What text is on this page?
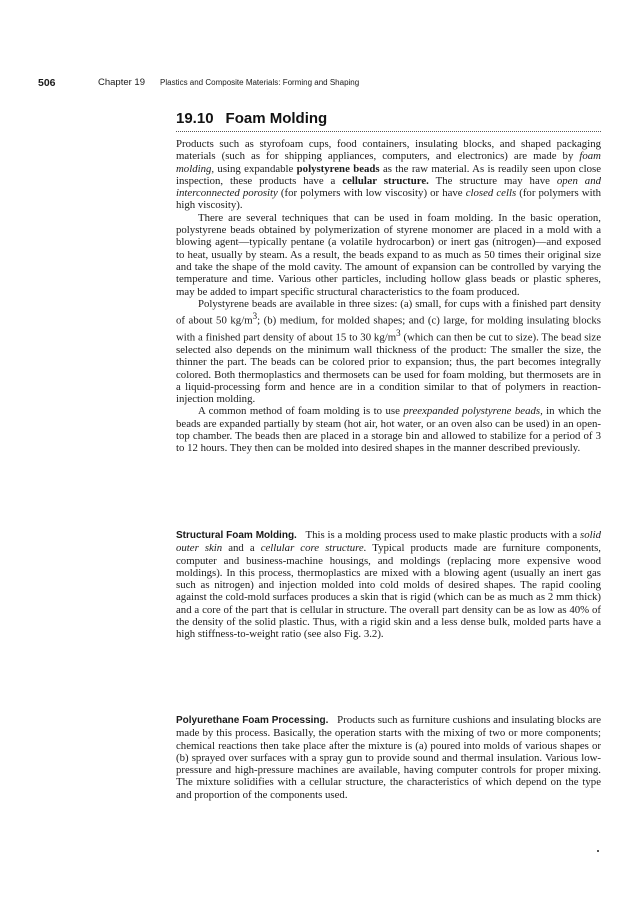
506	Chapter 19 Plastics and Composite Materials: Forming and Shaping
19.10 Foam Molding

Products such as styrofoam cups, food containers, insulating blocks, and shaped packaging materials (such as for shipping appliances, computers, and electronics) are made by foam molding, using expandable polystyrene beads as the raw material. As is readily seen upon close inspection, these products have a cellular structure. The structure may have open and interconnected porosity (for polymers with low viscosity) or have closed cells (for polymers with high viscosity).

There are several techniques that can be used in foam molding. In the basic operation, polystyrene beads obtained by polymerization of styrene monomer are placed in a mold with a blowing agent—typically pentane (a volatile hydrocarbon) or inert gas (nitrogen)—and exposed to heat, usually by steam. As a result, the beads expand to as much as 50 times their original size and take the shape of the mold cavity. The amount of expansion can be controlled by varying the temperature and time. Various other particles, including hollow glass beads or plastic spheres, may be added to impart specific structural characteristics to the foam produced.

Polystyrene beads are available in three sizes: (a) small, for cups with a finished part density of about 50 $kg/m^3$; (b) medium, for molded shapes; and (c) large, for molding insulating blocks with a finished part density of about 15 to 30 $kg/m^3$ (which can then be cut to size). The bead size selected also depends on the minimum wall thickness of the product: The smaller the size, the thinner the part. The beads can be colored prior to expansion; thus, the part becomes integrally colored. Both thermoplastics and thermosets can be used for foam molding, but thermosets are in a liquid-processing form and hence are in a condition similar to that of polymers in reaction-injection molding.

A common method of foam molding is to use preexpanded polystyrene beads, in which the beads are expanded partially by steam (hot air, hot water, or an oven also can be used) in an open-top chamber. The beads then are placed in a storage bin and allowed to stabilize for a period of 3 to 12 hours. They then can be molded into desired shapes in the manner described previously.

Structural Foam Molding. This is a molding process used to make plastic products with a solid outer skin and a cellular core structure. Typical products made are furniture components, computer and business-machine housings, and moldings (replacing more expensive wood moldings). In this process, thermoplastics are mixed with a blowing agent (usually an inert gas such as nitrogen) and injection molded into cold molds of desired shapes. The rapid cooling against the cold-mold surfaces produces a skin that is rigid (which can be as much as 2 mm thick) and a core of the part that is cellular in structure. The overall part density can be as low as 40% of the density of the solid plastic. Thus, with a rigid skin and a less dense bulk, molded parts have a high stiffness-to-weight ratio (see also Fig. 3.2).

Polyurethane Foam Processing. Products such as furniture cushions and insulating blocks are made by this process. Basically, the operation starts with the mixing of two or more components; chemical reactions then take place after the mixture is (a) poured into molds of various shapes or (b) sprayed over surfaces with a spray gun to provide sound and thermal insulation. Various low-pressure and high-pressure machines are available, having computer controls for proper mixing. The mixture solidifies with a cellular structure, the characteristics of which depend on the type and proportion of the components used.
